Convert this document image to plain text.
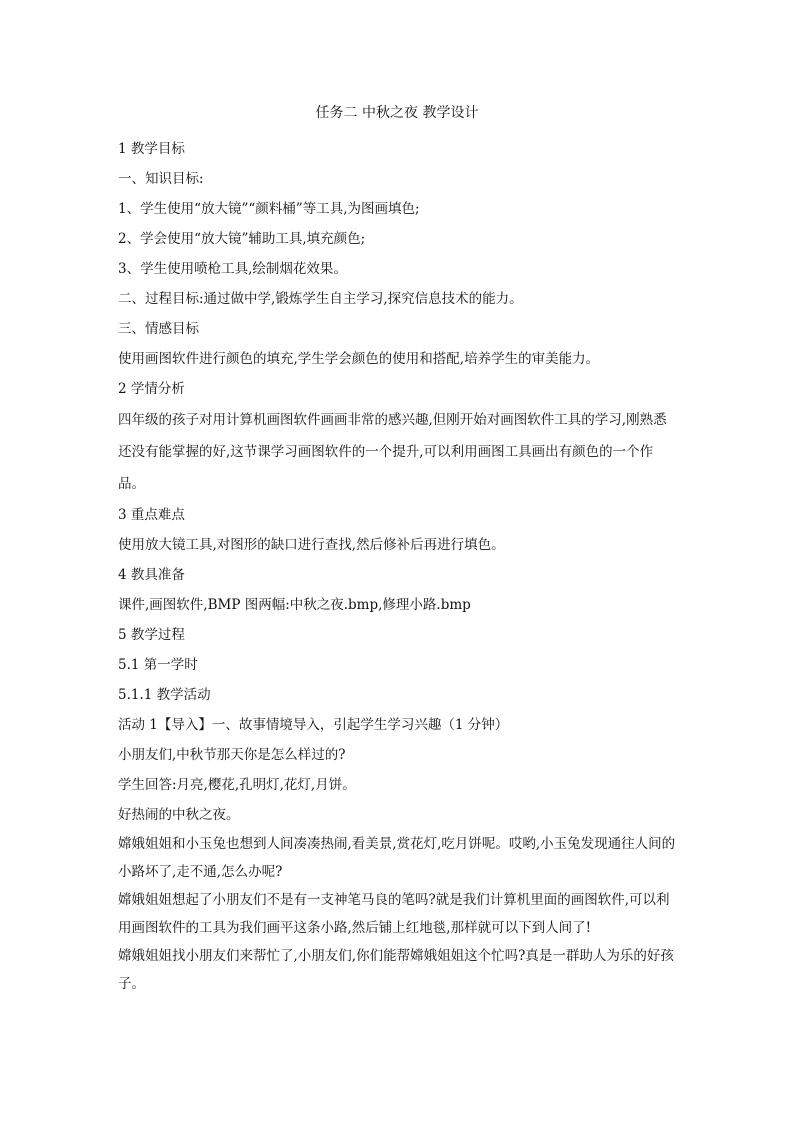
任务二 中秋之夜 教学设计

1 教学目标

一、知识目标:

1、学生使用“放大镜”“颜料桶”等工具,为图画填色;

2、学会使用“放大镜”辅助工具,填充颜色;

3、学生使用喷枪工具,绘制烟花效果。

二、过程目标:通过做中学,锻炼学生自主学习,探究信息技术的能力。

三、情感目标

使用画图软件进行颜色的填充,学生学会颜色的使用和搭配,培养学生的审美能力。

2 学情分析

四年级的孩子对用计算机画图软件画画非常的感兴趣,但刚开始对画图软件工具的学习,刚熟悉还没有能掌握的好,这节课学习画图软件的一个提升,可以利用画图工具画出有颜色的一个作品。

3 重点难点

使用放大镜工具,对图形的缺口进行查找,然后修补后再进行填色。

4 教具准备

课件,画图软件,BMP 图两幅:中秋之夜.bmp,修理小路.bmp

5 教学过程

5.1 第一学时

5.1.1 教学活动

活动 1【导入】一、故事情境导入，引起学生学习兴趣（1 分钟）

小朋友们,中秋节那天你是怎么样过的?

学生回答:月亮,樱花,孔明灯,花灯,月饼。

好热闹的中秋之夜。

嫦娥姐姐和小玉兔也想到人间凑凑热闹,看美景,赏花灯,吃月饼呢。哎哟,小玉兔发现通往人间的小路坏了,走不通,怎么办呢?

嫦娥姐姐想起了小朋友们不是有一支神笔马良的笔吗?就是我们计算机里面的画图软件,可以利用画图软件的工具为我们画平这条小路,然后铺上红地毯,那样就可以下到人间了!

嫦娥姐姐找小朋友们来帮忙了,小朋友们,你们能帮嫦娥姐姐这个忙吗?真是一群助人为乐的好孩子。
